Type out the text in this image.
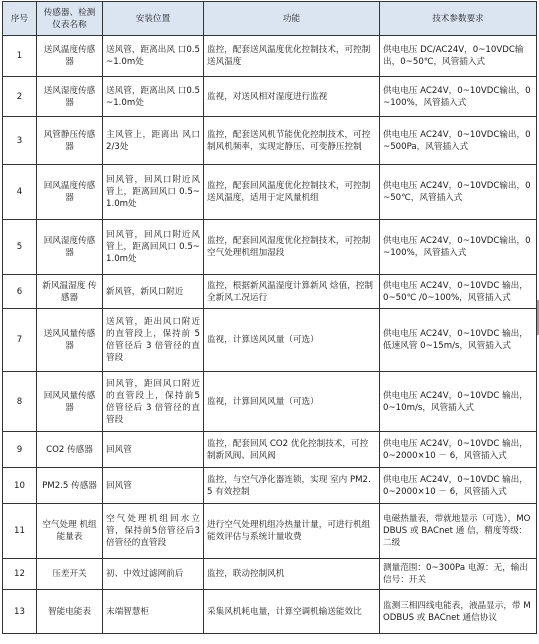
序号	传感器、检测仪表名称	安装位置	功能	技术参数要求
1	送风温度传感器	送风管，距离出风 口0.5~1.0m处	监控，配套送风温度优化控制技术，可控制送风温度	供电电压 DC/AC24V，0~10VDC输出，0~50℃，风管插入式
2	送风湿度传感器	送风管，距离出风 口0.5~1.0m处	监视，对送风相对湿度进行监视	供电电压 AC24V，0~10VDC输出，0~100%，风管插入式
3	风管静压传感器	主风管上，距离出 风口2/3处	监控，配套送风机节能优化控制技术，可控制风机频率，实现定静压、可变静压控制	供电电压 AC24V，0~10VDC输出，0~500Pa，风管插入式
4	回风温度传感器	回风管，回风口附近风管上，距离回风口 0.5~1.0m处	监控，配套回风温度优化控制技术，可控制送风温度，适用于定风量机组	供电电压 AC24V，0~10VDC输出，0~50℃，风管插入式
5	回风湿度传感器	回风管，回风口附近风管上，距离回风口 0.5~1.0m处	监控，配套回风湿度优化控制技术，可控制空气处理机组加湿段	供电电压 AC24V，0~10VDC输出，0~100%，风管插入式
6	新风温湿度 传感器	新风管，新风口附近	监控，根据新风温湿度计算新风 焓值，控制全新风工况运行	供电电压 AC24V，0~10VDC 输出，0~50℃ /0~100%，风管插入式
7	送风风量传感器	送风管，距出风口附近的直管段上，保持前 5 倍管径后 3 倍管径的直管段	监视，计算送风风量（可选）	供电电压 AC24V，0~10VDC 输出，低速风管 0~15m/s，风管插入式
8	回风风量传感器	回风管，距回风口附近的直管段上，保持前5 倍管径后 3 倍管径的直管段	监视，计算回风风量（可选）	供电电压 AC24V，0~10VDC 输出，0~10m/s，风管插入式
9	CO2 传感器	回风管	监控，配套回风 CO2 优化控制技术，可控制新风阀、回风阀	供电电压 AC24V，0~10VDC 输出，0~2000×10 － 6，风管插入式
10	PM2.5 传感器	回风管	监控，与空气净化器连锁，实现 室内 PM2.5 有效控制	供电电压 AC24V，0~10VDC 输出，0~2000×10 － 6，风管插入式
11	空气处理 机组能量表	空气处理机组回水立管，保持前5倍管径后3 倍管径的直管段	进行空气处理机组冷热量计量，可进行机组能效评估与系统计量收费	电磁热量表，带就地显示（可选），MODBUS 或 BACnet 通 信，精度等级：二级
12	压差开关	初、中效过滤网前后	监控，联动控制风机	测量范围：0~300Pa 电源：无，输出信号：开关
13	智能电能表	末端智慧柜	采集风机耗电量，计算空调机输送能效比	监测三相四线电能表，液晶显示，带 MODBUS 或 BACnet 通信协议
